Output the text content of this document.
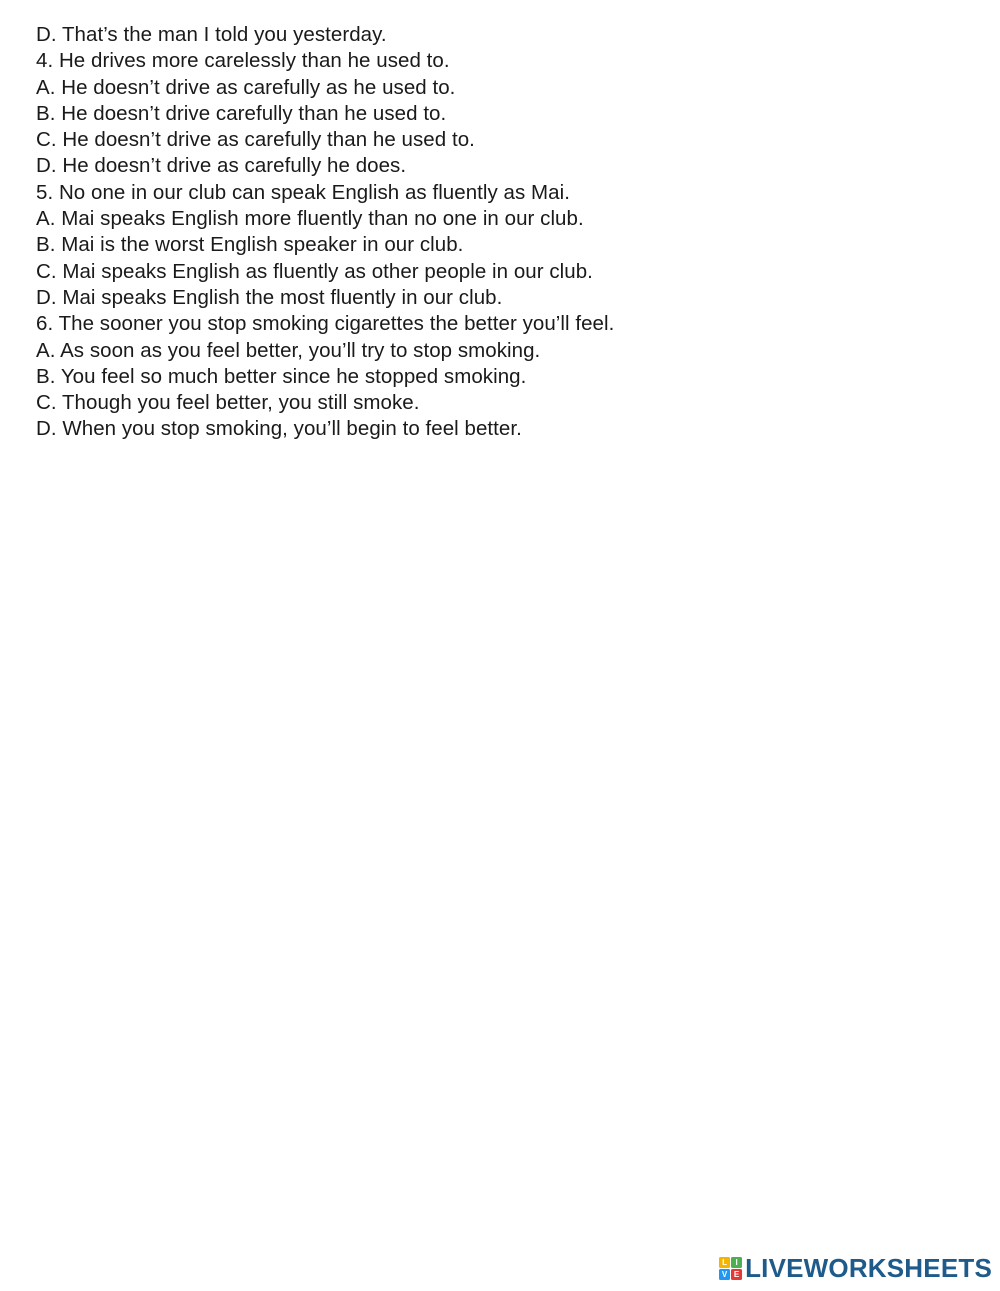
D. That’s the man I told you yesterday.
4. He drives more carelessly than he used to.
A. He doesn’t drive as carefully as he used to.
B. He doesn’t drive carefully than he used to.
C. He doesn’t drive as carefully than he used to.
D. He doesn’t drive as carefully he does.
5. No one in our club can speak English as fluently as Mai.
A. Mai speaks English more fluently than no one in our club.
B. Mai is the worst English speaker in our club.
C. Mai speaks English as fluently as other people in our club.
D. Mai speaks English the most fluently in our club.
6. The sooner you stop smoking cigarettes the better you’ll feel.
A. As soon as you feel better, you’ll try to stop smoking.
B. You feel so much better since he stopped smoking.
C. Though you feel better, you still smoke.
D. When you stop smoking, you’ll begin to feel better.
L	I
V E LIVEWORKSHEETS
